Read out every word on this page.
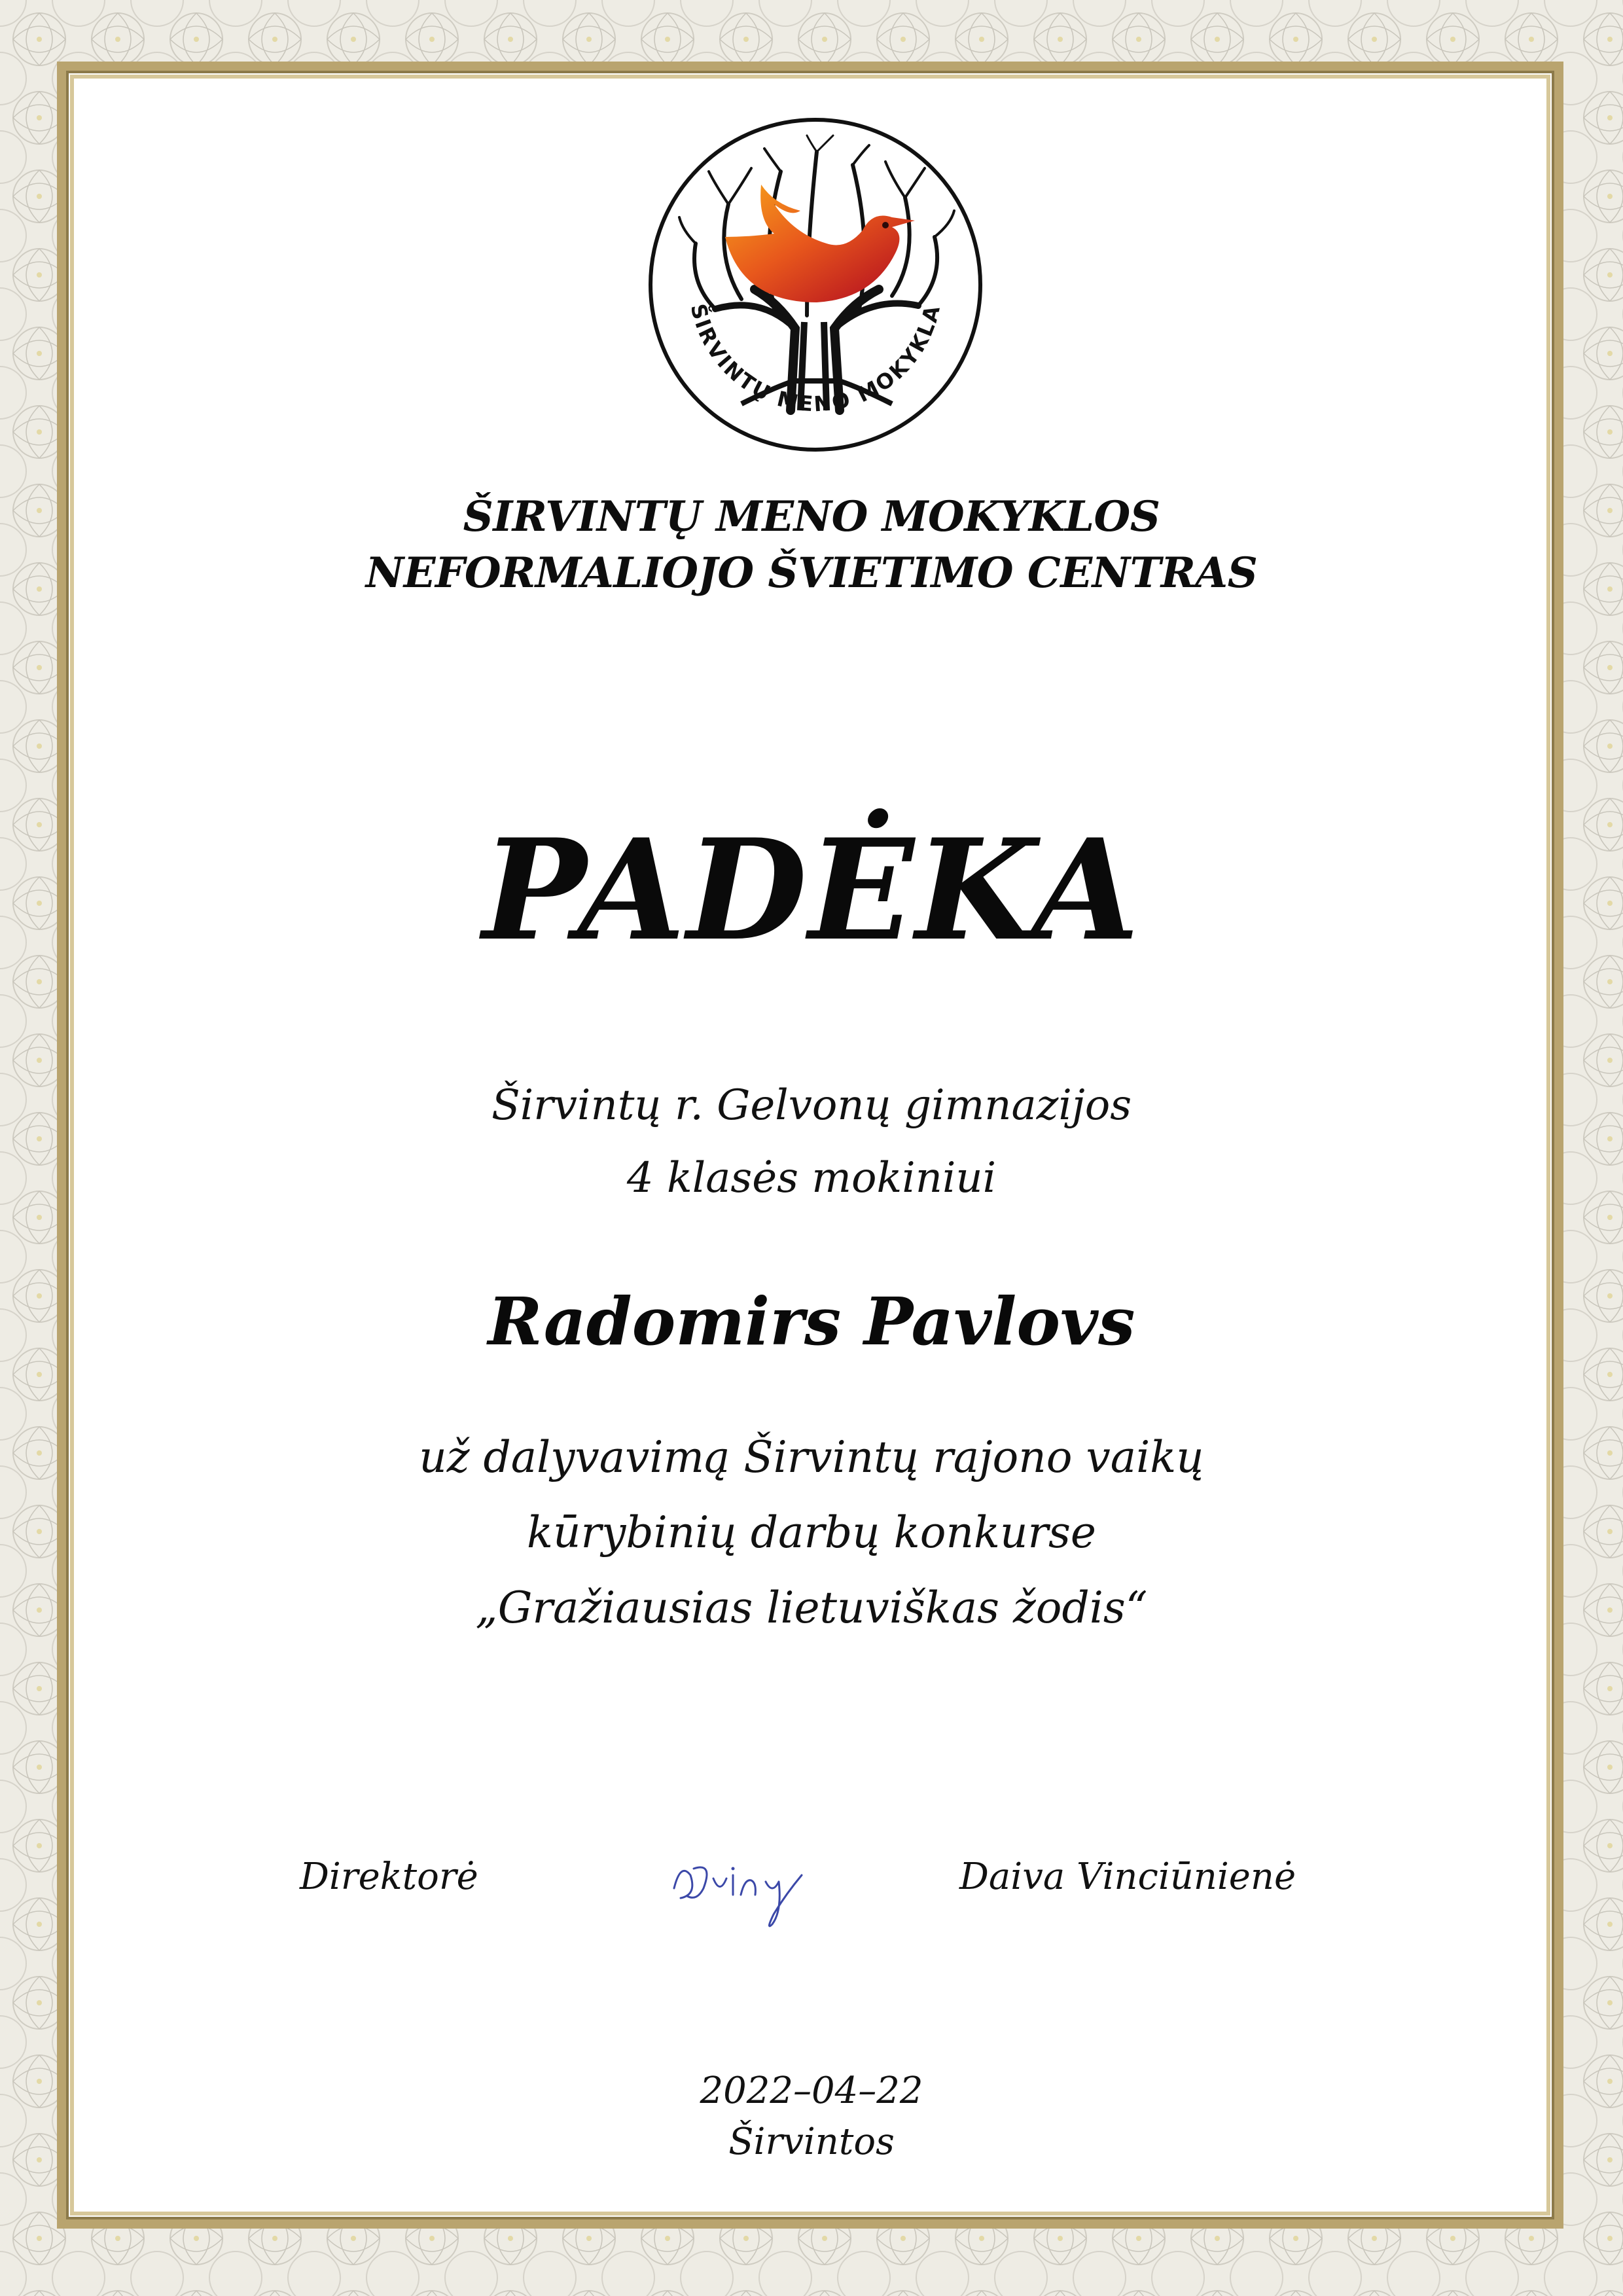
ŠIRVINTŲ MENO MOKYKLA
ŠIRVINTŲ MENO MOKYKLOS
NEFORMALIOJO ŠVIETIMO CENTRAS
PADĖKA
Širvintų r. Gelvonų gimnazijos
4 klasės mokiniui
Radomirs Pavlovs
už dalyvavimą Širvintų rajono vaikų
kūrybinių darbų konkurse
„Gražiausias lietuviškas žodis“
Direktorė	Daiva Vinciūnienė
2022–04–22
Širvintos
